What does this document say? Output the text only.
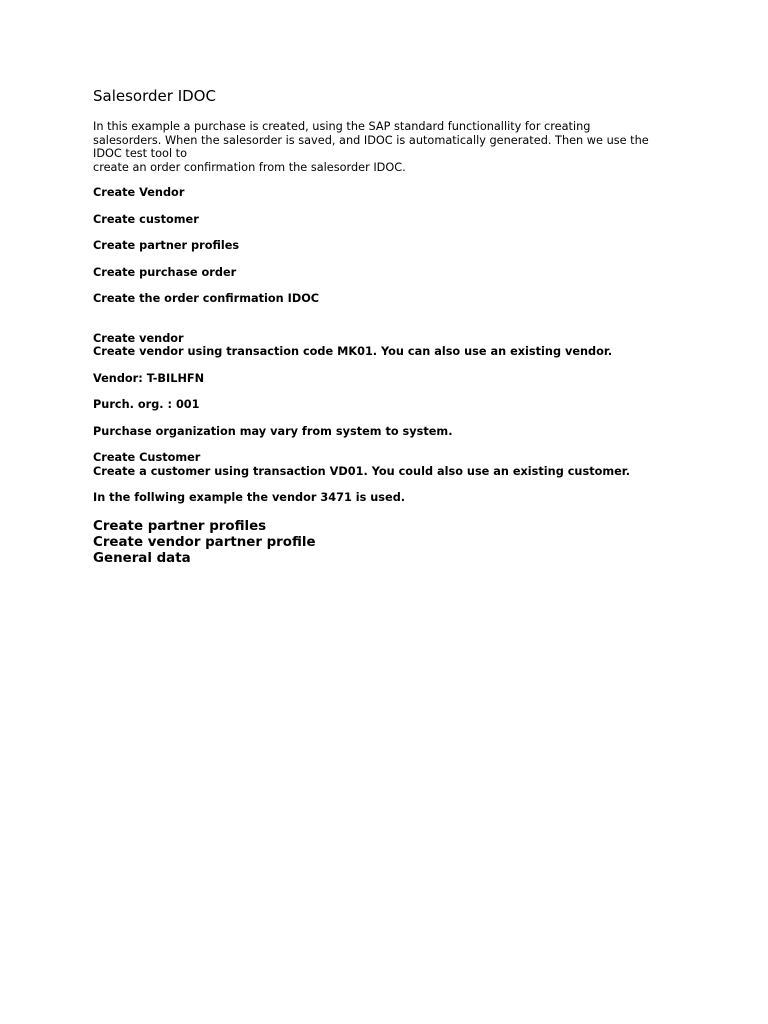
Salesorder IDOC

In this example a purchase is created, using the SAP standard functionallity for creating
salesorders. When the salesorder is saved, and IDOC is automatically generated. Then we use the
IDOC test tool to
create an order confirmation from the salesorder IDOC.

Create Vendor

Create customer

Create partner profiles

Create purchase order

Create the order confirmation IDOC

Create vendor

Create vendor using transaction code MK01. You can also use an existing vendor.

Vendor: T-BILHFN

Purch. org. : 001

Purchase organization may vary from system to system.

Create Customer

Create a customer using transaction VD01. You could also use an existing customer.

In the follwing example the vendor 3471 is used.

Create partner profiles

Create vendor partner profile

General data
